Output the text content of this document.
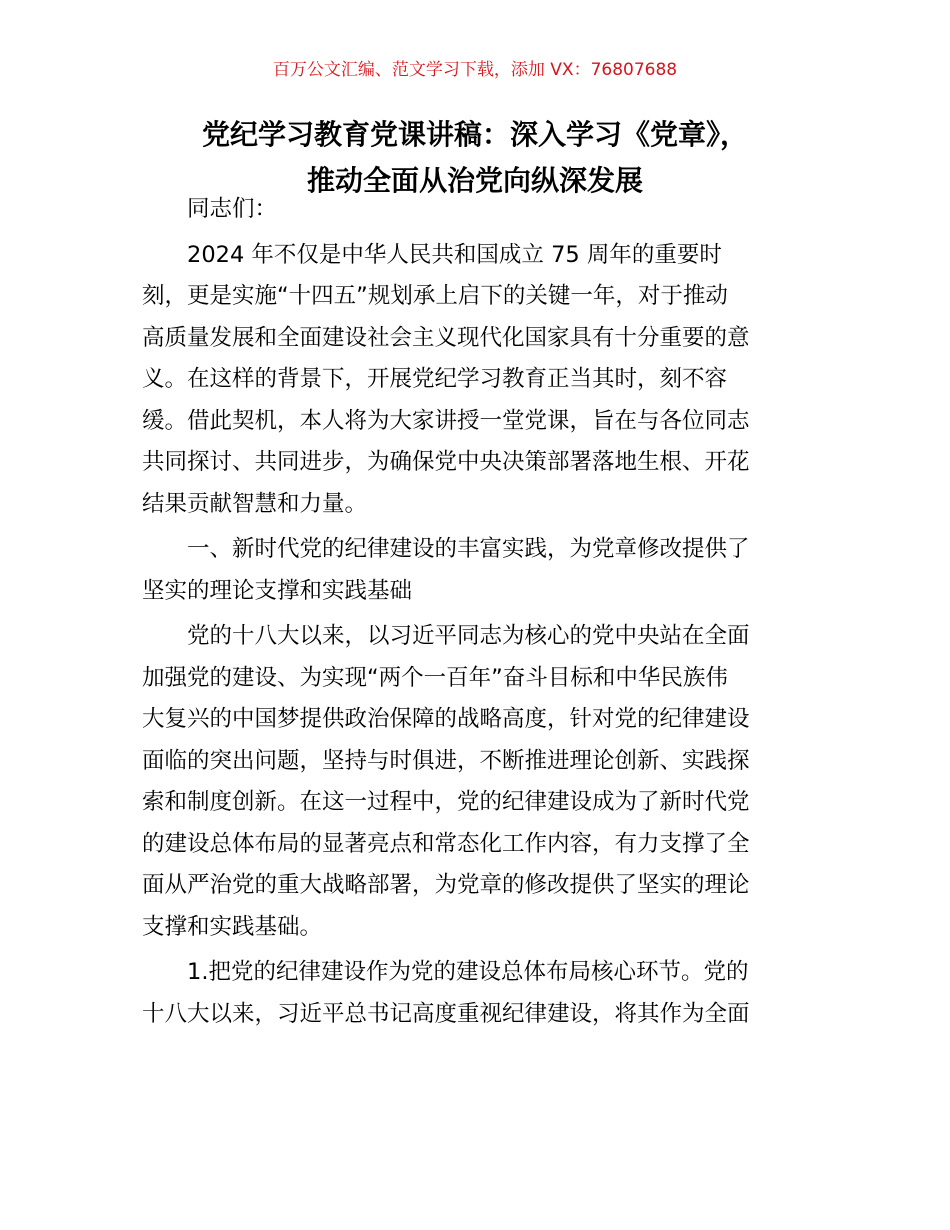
百万公文汇编、范文学习下载，添加 VX：76807688
党纪学习教育党课讲稿：深入学习《党章》，
推动全面从治党向纵深发展

同志们：

2024 年不仅是中华人民共和国成立 75 周年的重要时
刻，更是实施“十四五”规划承上启下的关键一年，对于推动
高质量发展和全面建设社会主义现代化国家具有十分重要的意
义。在这样的背景下，开展党纪学习教育正当其时，刻不容
缓。借此契机，本人将为大家讲授一堂党课，旨在与各位同志
共同探讨、共同进步，为确保党中央决策部署落地生根、开花
结果贡献智慧和力量。

一、新时代党的纪律建设的丰富实践，为党章修改提供了
坚实的理论支撑和实践基础

党的十八大以来，以习近平同志为核心的党中央站在全面
加强党的建设、为实现“两个一百年”奋斗目标和中华民族伟
大复兴的中国梦提供政治保障的战略高度，针对党的纪律建设
面临的突出问题，坚持与时俱进，不断推进理论创新、实践探
索和制度创新。在这一过程中，党的纪律建设成为了新时代党
的建设总体布局的显著亮点和常态化工作内容，有力支撑了全
面从严治党的重大战略部署，为党章的修改提供了坚实的理论
支撑和实践基础。

1.把党的纪律建设作为党的建设总体布局核心环节。党的
十八大以来，习近平总书记高度重视纪律建设，将其作为全面
